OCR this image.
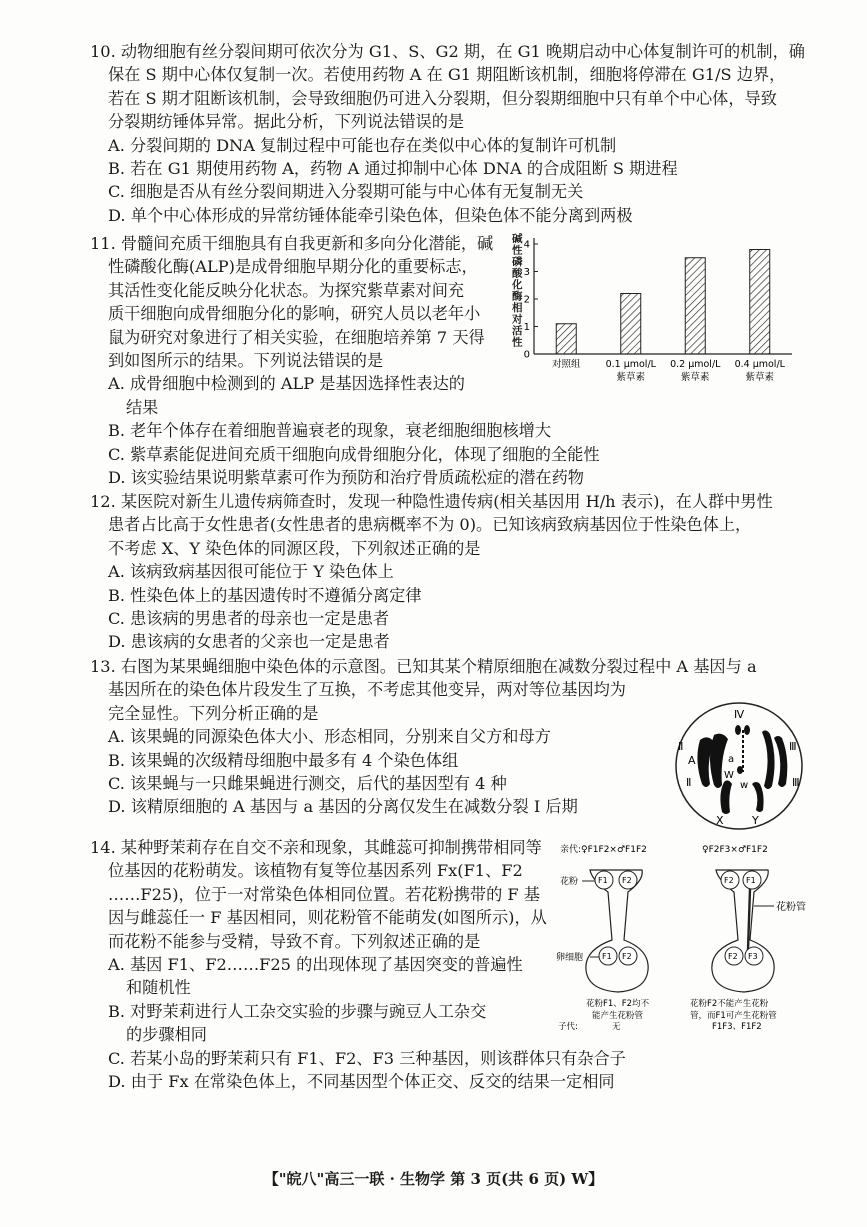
10. 动物细胞有丝分裂间期可依次分为 G1、S、G2 期，在 G1 晚期启动中心体复制许可的机制，确
保在 S 期中心体仅复制一次。若使用药物 A 在 G1 期阻断该机制，细胞将停滞在 G1/S 边界，
若在 S 期才阻断该机制，会导致细胞仍可进入分裂期，但分裂期细胞中只有单个中心体，导致
分裂期纺锤体异常。据此分析，下列说法错误的是
A. 分裂间期的 DNA 复制过程中可能也存在类似中心体的复制许可机制
B. 若在 G1 期使用药物 A，药物 A 通过抑制中心体 DNA 的合成阻断 S 期进程
C. 细胞是否从有丝分裂间期进入分裂期可能与中心体有无复制无关
D. 单个中心体形成的异常纺锤体能牵引染色体，但染色体不能分离到两极
11. 骨髓间充质干细胞具有自我更新和多向分化潜能，碱
性磷酸化酶(ALP)是成骨细胞早期分化的重要标志，
其活性变化能反映分化状态。为探究紫草素对间充
质干细胞向成骨细胞分化的影响，研究人员以老年小
鼠为研究对象进行了相关实验，在细胞培养第 7 天得
到如图所示的结果。下列说法错误的是
A. 成骨细胞中检测到的 ALP 是基因选择性表达的
结果
B. 老年个体存在着细胞普遍衰老的现象，衰老细胞细胞核增大
C. 紫草素能促进间充质干细胞向成骨细胞分化，体现了细胞的全能性
D. 该实验结果说明紫草素可作为预防和治疗骨质疏松症的潜在药物
碱性磷酸化酶相对活性
0
1
2
3
4
对照组	0.1 μmol/L
紫草素
0.2 μmol/L
紫草素
0.4 μmol/L
紫草素
12. 某医院对新生儿遗传病筛查时，发现一种隐性遗传病(相关基因用 H/h 表示)，在人群中男性
患者占比高于女性患者(女性患者的患病概率不为 0)。已知该病致病基因位于性染色体上，
不考虑 X、Y 染色体的同源区段，下列叙述正确的是
A. 该病致病基因很可能位于 Y 染色体上
B. 性染色体上的基因遗传时不遵循分离定律
C. 患该病的男患者的母亲也一定是患者
D. 患该病的女患者的父亲也一定是患者
13. 右图为某果蝇细胞中染色体的示意图。已知其某个精原细胞在减数分裂过程中 A 基因与 a
基因所在的染色体片段发生了互换，不考虑其他变异，两对等位基因均为
完全显性。下列分析正确的是
A. 该果蝇的同源染色体大小、形态相同，分别来自父方和母方
B. 该果蝇的次级精母细胞中最多有 4 个染色体组
C. 该果蝇与一只雌果蝇进行测交，后代的基因型有 4 种
D. 该精原细胞的 A 基因与 a 基因的分离仅发生在减数分裂 Ⅰ 后期
Ⅳ
Ⅱ
Ⅱ
Ⅲ
Ⅲ
A	a
W
w
X	Y
14. 某种野茉莉存在自交不亲和现象，其雌蕊可抑制携带相同等
位基因的花粉萌发。该植物有复等位基因系列 Fx(F1、F2
……F25)，位于一对常染色体相同位置。若花粉携带的 F 基
因与雌蕊任一 F 基因相同，则花粉管不能萌发(如图所示)，从
而花粉不能参与受精，导致不育。下列叙述正确的是
A. 基因 F1、F2……F25 的出现体现了基因突变的普遍性
和随机性
B. 对野茉莉进行人工杂交实验的步骤与豌豆人工杂交
的步骤相同
C. 若某小岛的野茉莉只有 F1、F2、F3 三种基因，则该群体只有杂合子
D. 由于 Fx 在常染色体上，不同基因型个体正交、反交的结果一定相同
亲代:♀F1F2×♂F1F2	♀F2F3×♂F1F2
F1 F2
F1 F2
花粉
卵细胞
F2 F1
F2 F3
花粉管
花粉F1、F2均不
能产生花粉管
花粉F2不能产生花粉
管，而F1可产生花粉管
子代:	无	F1F3、F1F2
【"皖八"高三一联 · 生物学 第 3 页(共 6 页) W】
